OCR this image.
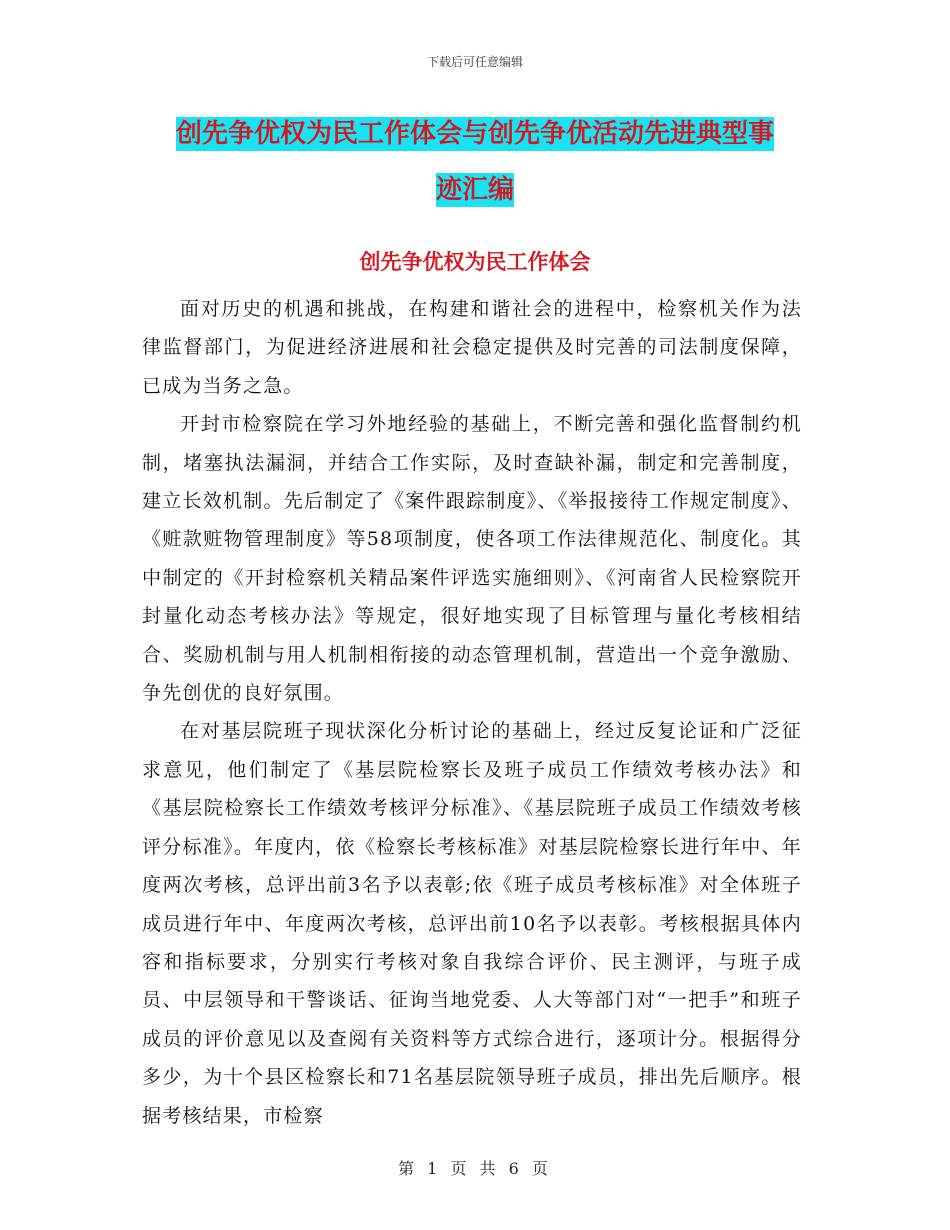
下载后可任意编辑
创先争优权为民工作体会与创先争优活动先进典型事
迹汇编
创先争优权为民工作体会

面对历史的机遇和挑战，在构建和谐社会的进程中，检察机关作为法律监督部门，为促进经济进展和社会稳定提供及时完善的司法制度保障，已成为当务之急。

开封市检察院在学习外地经验的基础上，不断完善和强化监督制约机制，堵塞执法漏洞，并结合工作实际，及时查缺补漏，制定和完善制度，建立长效机制。先后制定了《案件跟踪制度》、《举报接待工作规定制度》、《赃款赃物管理制度》等58项制度，使各项工作法律规范化、制度化。其中制定的《开封检察机关精品案件评选实施细则》、《河南省人民检察院开封量化动态考核办法》等规定，很好地实现了目标管理与量化考核相结合、奖励机制与用人机制相衔接的动态管理机制，营造出一个竞争激励、争先创优的良好氛围。

在对基层院班子现状深化分析讨论的基础上，经过反复论证和广泛征求意见，他们制定了《基层院检察长及班子成员工作绩效考核办法》和《基层院检察长工作绩效考核评分标准》、《基层院班子成员工作绩效考核评分标准》。年度内，依《检察长考核标准》对基层院检察长进行年中、年度两次考核，总评出前3名予以表彰;依《班子成员考核标准》对全体班子成员进行年中、年度两次考核，总评出前10名予以表彰。考核根据具体内容和指标要求，分别实行考核对象自我综合评价、民主测评，与班子成员、中层领导和干警谈话、征询当地党委、人大等部门对“一把手”和班子成员的评价意见以及查阅有关资料等方式综合进行，逐项计分。根据得分多少，为十个县区检察长和71名基层院领导班子成员，排出先后顺序。根据考核结果，市检察

第 1 页 共 6 页
